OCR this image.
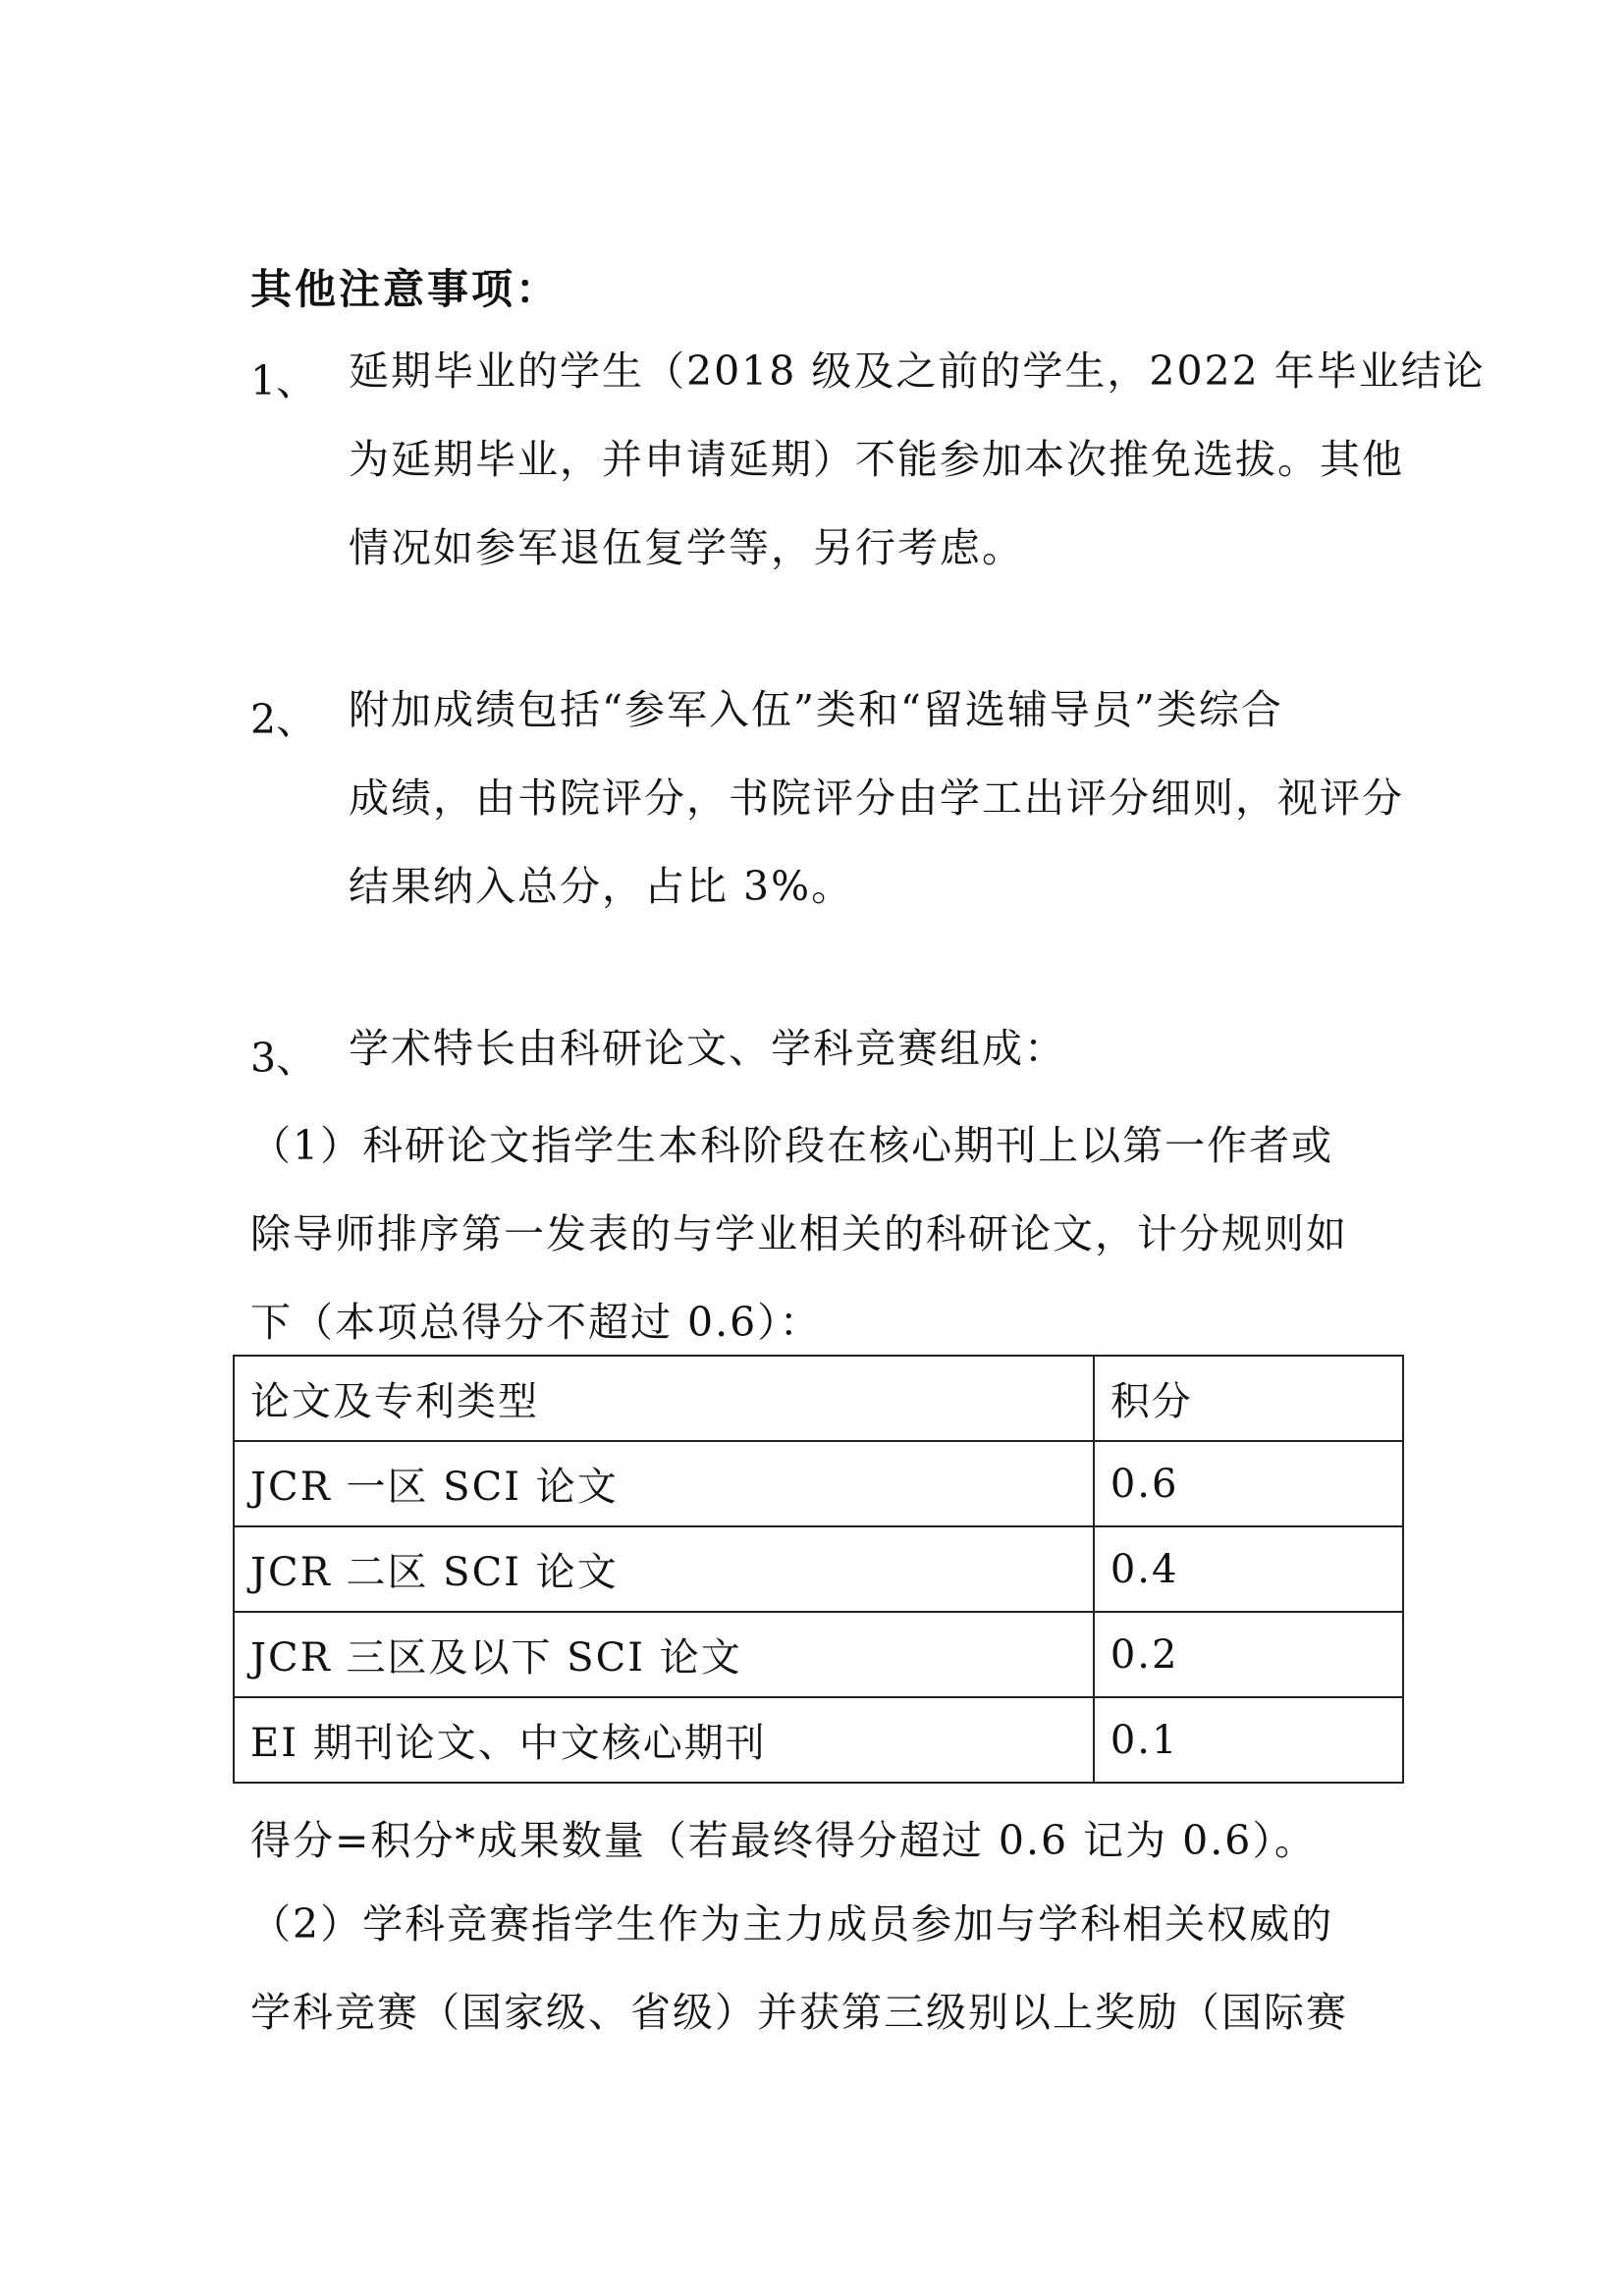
其他注意事项：
1、 延期毕业的学生（2018 级及之前的学生，2022 年毕业结论
为延期毕业，并申请延期）不能参加本次推免选拔。其他
情况如参军退伍复学等，另行考虑。
2、 附加成绩包括“参军入伍”类和“留选辅导员”类综合
成绩，由书院评分，书院评分由学工出评分细则，视评分
结果纳入总分，占比 3%。
3、 学术特长由科研论文、学科竞赛组成：
（1）科研论文指学生本科阶段在核心期刊上以第一作者或
除导师排序第一发表的与学业相关的科研论文，计分规则如
下（本项总得分不超过 0.6）：
论文及专利类型	积分
JCR 一区 SCI 论文	0.6
JCR 二区 SCI 论文	0.4
JCR 三区及以下 SCI 论文	0.2
EI 期刊论文、中文核心期刊	0.1
得分=积分*成果数量（若最终得分超过 0.6 记为 0.6）。
（2）学科竞赛指学生作为主力成员参加与学科相关权威的
学科竞赛（国家级、省级）并获第三级别以上奖励（国际赛
